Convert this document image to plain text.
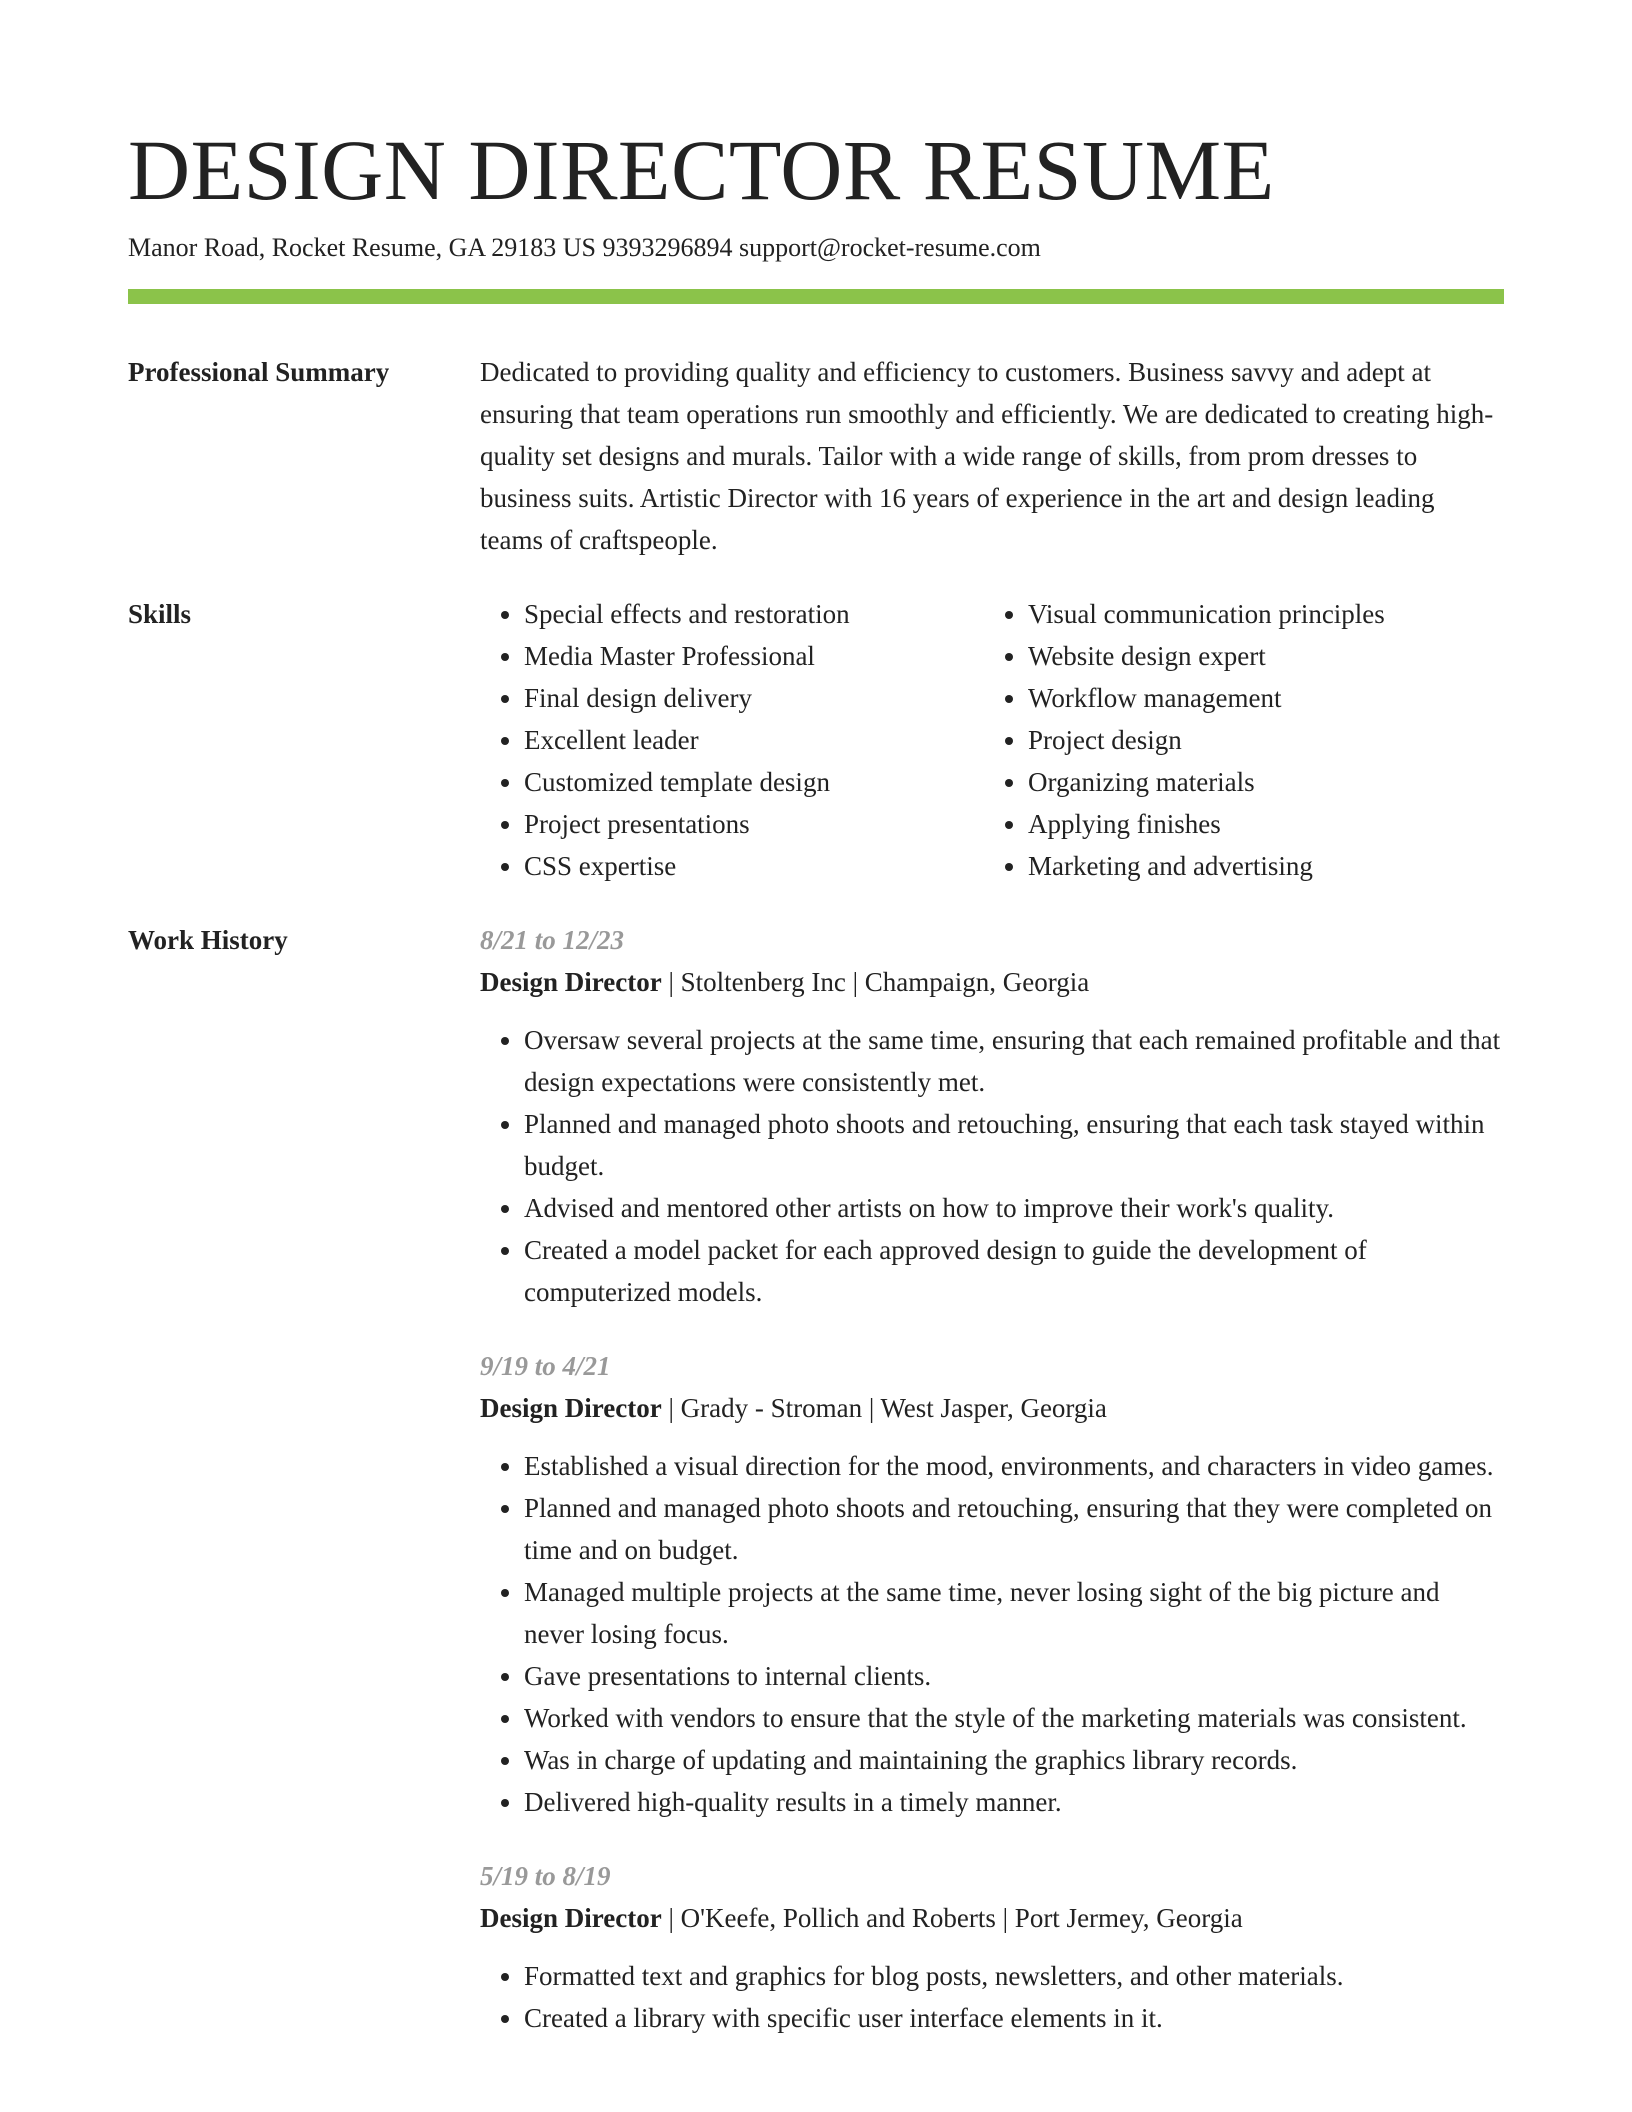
DESIGN DIRECTOR RESUME
Manor Road, Rocket Resume, GA 29183 US 9393296894 support@rocket-resume.com
Professional Summary	Dedicated to providing quality and efficiency to customers. Business savvy and adept at ensuring that team operations run smoothly and efficiently. We are dedicated to creating high-quality set designs and murals. Tailor with a wide range of skills, from prom dresses to business suits. Artistic Director with 16 years of experience in the art and design leading teams of craftspeople.
Skills
•	Special effects and restoration
• Media Master Professional
• Final design delivery
• Excellent leader
• Customized template design
• Project presentations
• CSS expertise
• Visual communication principles
• Website design expert
• Workflow management
• Project design
• Organizing materials
• Applying finishes
• Marketing and advertising
Work History	8/21 to 12/23
Design Director | Stoltenberg Inc | Champaign, Georgia
• Oversaw several projects at the same time, ensuring that each remained profitable and that design expectations were consistently met.
• Planned and managed photo shoots and retouching, ensuring that each task stayed within budget.
• Advised and mentored other artists on how to improve their work's quality.
• Created a model packet for each approved design to guide the development of computerized models.
9/19 to 4/21
Design Director | Grady - Stroman | West Jasper, Georgia
• Established a visual direction for the mood, environments, and characters in video games.
• Planned and managed photo shoots and retouching, ensuring that they were completed on time and on budget.
• Managed multiple projects at the same time, never losing sight of the big picture and never losing focus.
• Gave presentations to internal clients.
• Worked with vendors to ensure that the style of the marketing materials was consistent.
• Was in charge of updating and maintaining the graphics library records.
• Delivered high-quality results in a timely manner.
5/19 to 8/19
Design Director | O'Keefe, Pollich and Roberts | Port Jermey, Georgia
• Formatted text and graphics for blog posts, newsletters, and other materials.
• Created a library with specific user interface elements in it.
